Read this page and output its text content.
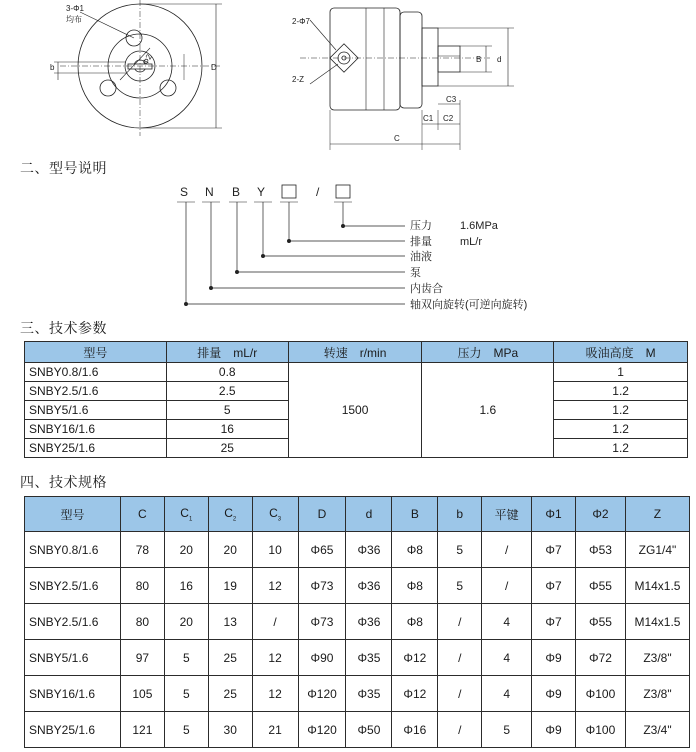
3-Φ1
均布
Φ2
b	D
2-Φ7
2-Z
B d
C3
C1 C2
C
S N B Y	/
压力	1.6MPa
排量	mL/r
油液
泵
内齿合
轴双向旋转(可逆向旋转)
二、型号说明
三、技术参数
四、技术规格
型号	排量　mL/r	转速　r/min	压力　MPa	吸油高度　M
SNBY0.8/1.6	0.8	1500	1.6	1
SNBY2.5/1.6	2.5			1.2
SNBY5/1.6	5			1.2
SNBY16/1.6	16			1.2
SNBY25/1.6	25			1.2
型号	C	$C_1$	$C_2$	$C_3$	D	d	B	b	平键	Φ1	Φ2	Z
SNBY0.8/1.6	78	20	20	10	Φ65	Φ36	Φ8	5	/	Φ7	Φ53	ZG1/4"
SNBY2.5/1.6	80	16	19	12	Φ73	Φ36	Φ8	5	/	Φ7	Φ55	M14x1.5
SNBY2.5/1.6	80	20	13	/	Φ73	Φ36	Φ8	/	4	Φ7	Φ55	M14x1.5
SNBY5/1.6	97	5	25	12	Φ90	Φ35	Φ12	/	4	Φ9	Φ72	Z3/8"
SNBY16/1.6	105	5	25	12	Φ120	Φ35	Φ12	/	4	Φ9	Φ100	Z3/8"
SNBY25/1.6	121	5	30	21	Φ120	Φ50	Φ16	/	5	Φ9	Φ100	Z3/4"
